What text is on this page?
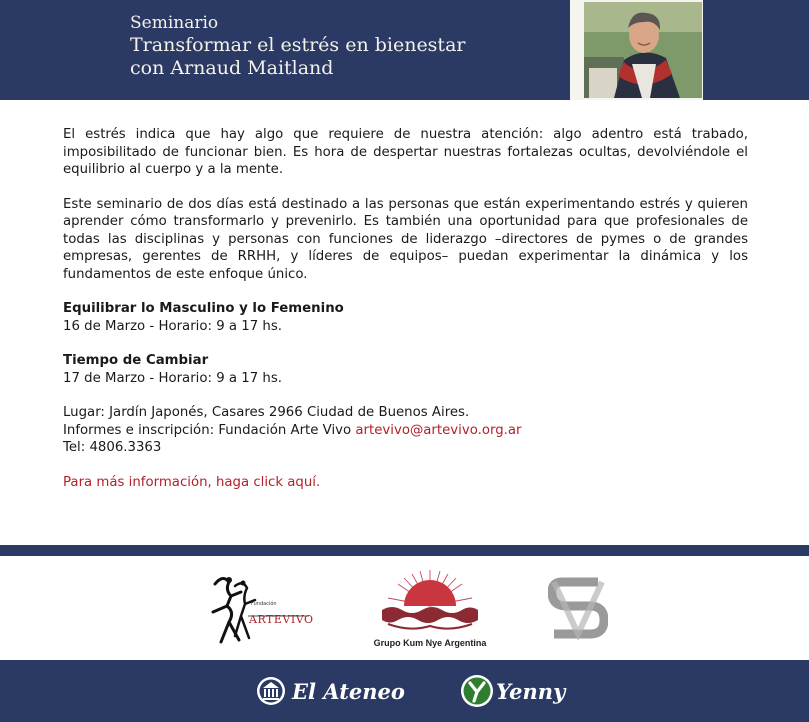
Seminario
Transformar el estrés en bienestar
con Arnaud Maitland

El estrés indica que hay algo que requiere de nuestra atención: algo adentro está trabado, imposibilitado de funcionar bien. Es hora de despertar nuestras fortalezas ocultas, devolviéndole el equilibrio al cuerpo y a la mente.

Este seminario de dos días está destinado a las personas que están experimentando estrés y quieren aprender cómo transformarlo y prevenirlo. Es también una oportunidad para que profesionales de todas las disciplinas y personas con funciones de liderazgo –directores de pymes o de grandes empresas, gerentes de RRHH, y líderes de equipos– puedan experimentar la dinámica y los fundamentos de este enfoque único.

Equilibrar lo Masculino y lo Femenino
16 de Marzo - Horario: 9 a 17 hs.
Tiempo de Cambiar
17 de Marzo - Horario: 9 a 17 hs.
Lugar: Jardín Japonés, Casares 2966 Ciudad de Buenos Aires.
Informes e inscripción: Fundación Arte Vivo artevivo@artevivo.org.ar
Tel: 4806.3363
Para más información, haga click aquí.
Fundación
ARTEVIVO
Grupo Kum Nye Argentina
El Ateneo	Yenny
